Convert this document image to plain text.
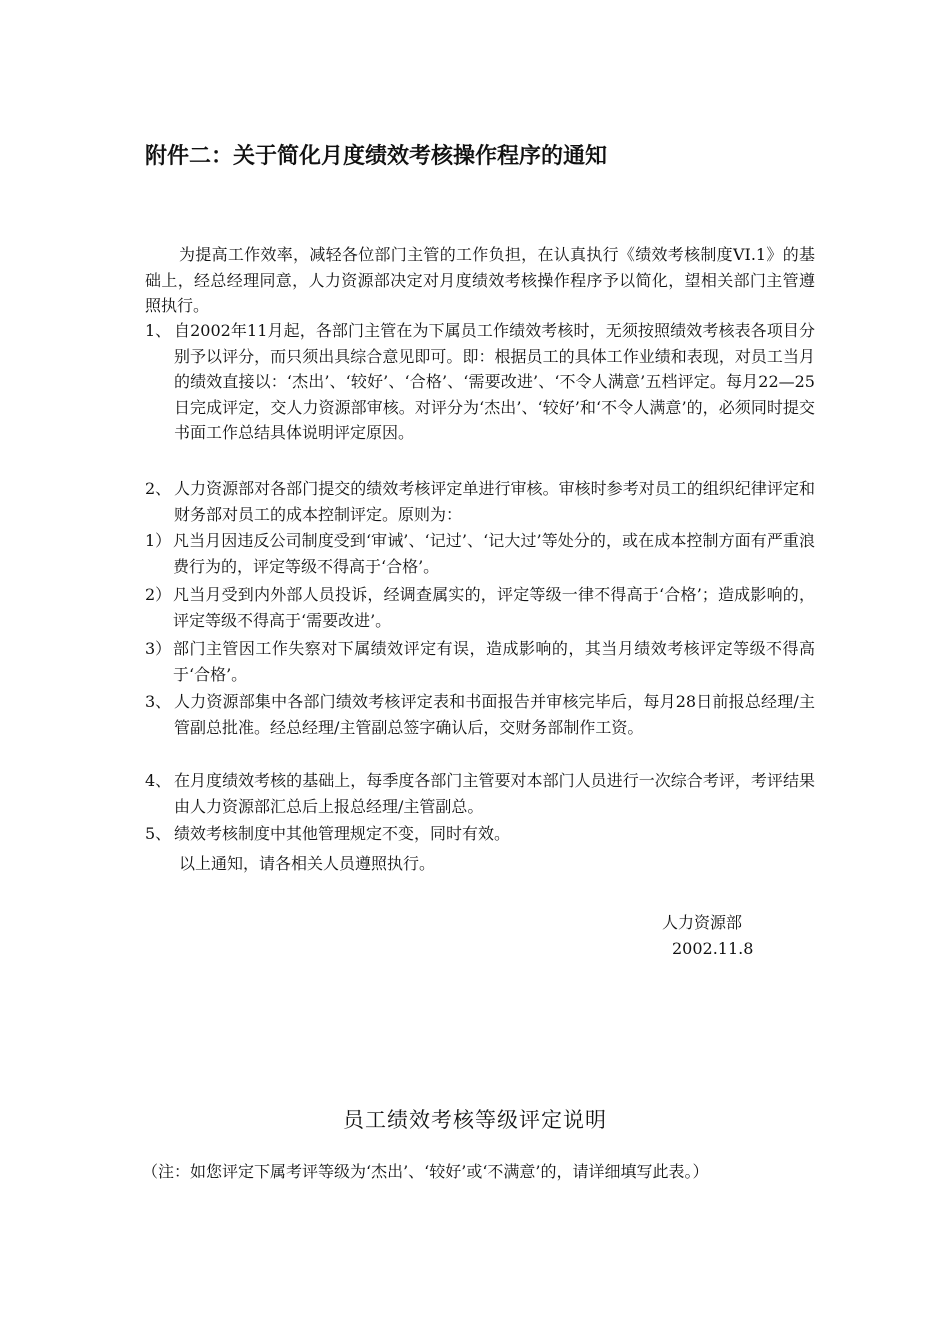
附件二：关于简化月度绩效考核操作程序的通知
为提高工作效率，减轻各位部门主管的工作负担，在认真执行《绩效考核制度VI.1》的基础上，经总经理同意，人力资源部决定对月度绩效考核操作程序予以简化，望相关部门主管遵照执行。
1、 自2002年11月起，各部门主管在为下属员工作绩效考核时，无须按照绩效考核表各项目分别予以评分，而只须出具综合意见即可。即：根据员工的具体工作业绩和表现，对员工当月的绩效直接以：‘杰出’、‘较好’、‘合格’、‘需要改进’、‘不令人满意’五档评定。每月22—25日完成评定，交人力资源部审核。对评分为‘杰出’、‘较好’和‘不令人满意’的，必须同时提交书面工作总结具体说明评定原因。
2、 人力资源部对各部门提交的绩效考核评定单进行审核。审核时参考对员工的组织纪律评定和财务部对员工的成本控制评定。原则为：
1） 凡当月因违反公司制度受到‘审诫’、‘记过’、‘记大过’等处分的，或在成本控制方面有严重浪费行为的，评定等级不得高于‘合格’。
2） 凡当月受到内外部人员投诉，经调查属实的，评定等级一律不得高于‘合格’；造成影响的，评定等级不得高于‘需要改进’。
3） 部门主管因工作失察对下属绩效评定有误，造成影响的，其当月绩效考核评定等级不得高于‘合格’。
3、 人力资源部集中各部门绩效考核评定表和书面报告并审核完毕后，每月28日前报总经理/主管副总批准。经总经理/主管副总签字确认后，交财务部制作工资。
4、 在月度绩效考核的基础上，每季度各部门主管要对本部门人员进行一次综合考评，考评结果由人力资源部汇总后上报总经理/主管副总。
5、 绩效考核制度中其他管理规定不变，同时有效。
以上通知，请各相关人员遵照执行。
人力资源部
2002.11.8
员工绩效考核等级评定说明
（注：如您评定下属考评等级为‘杰出’、‘较好’或‘不满意’的，请详细填写此表。）
